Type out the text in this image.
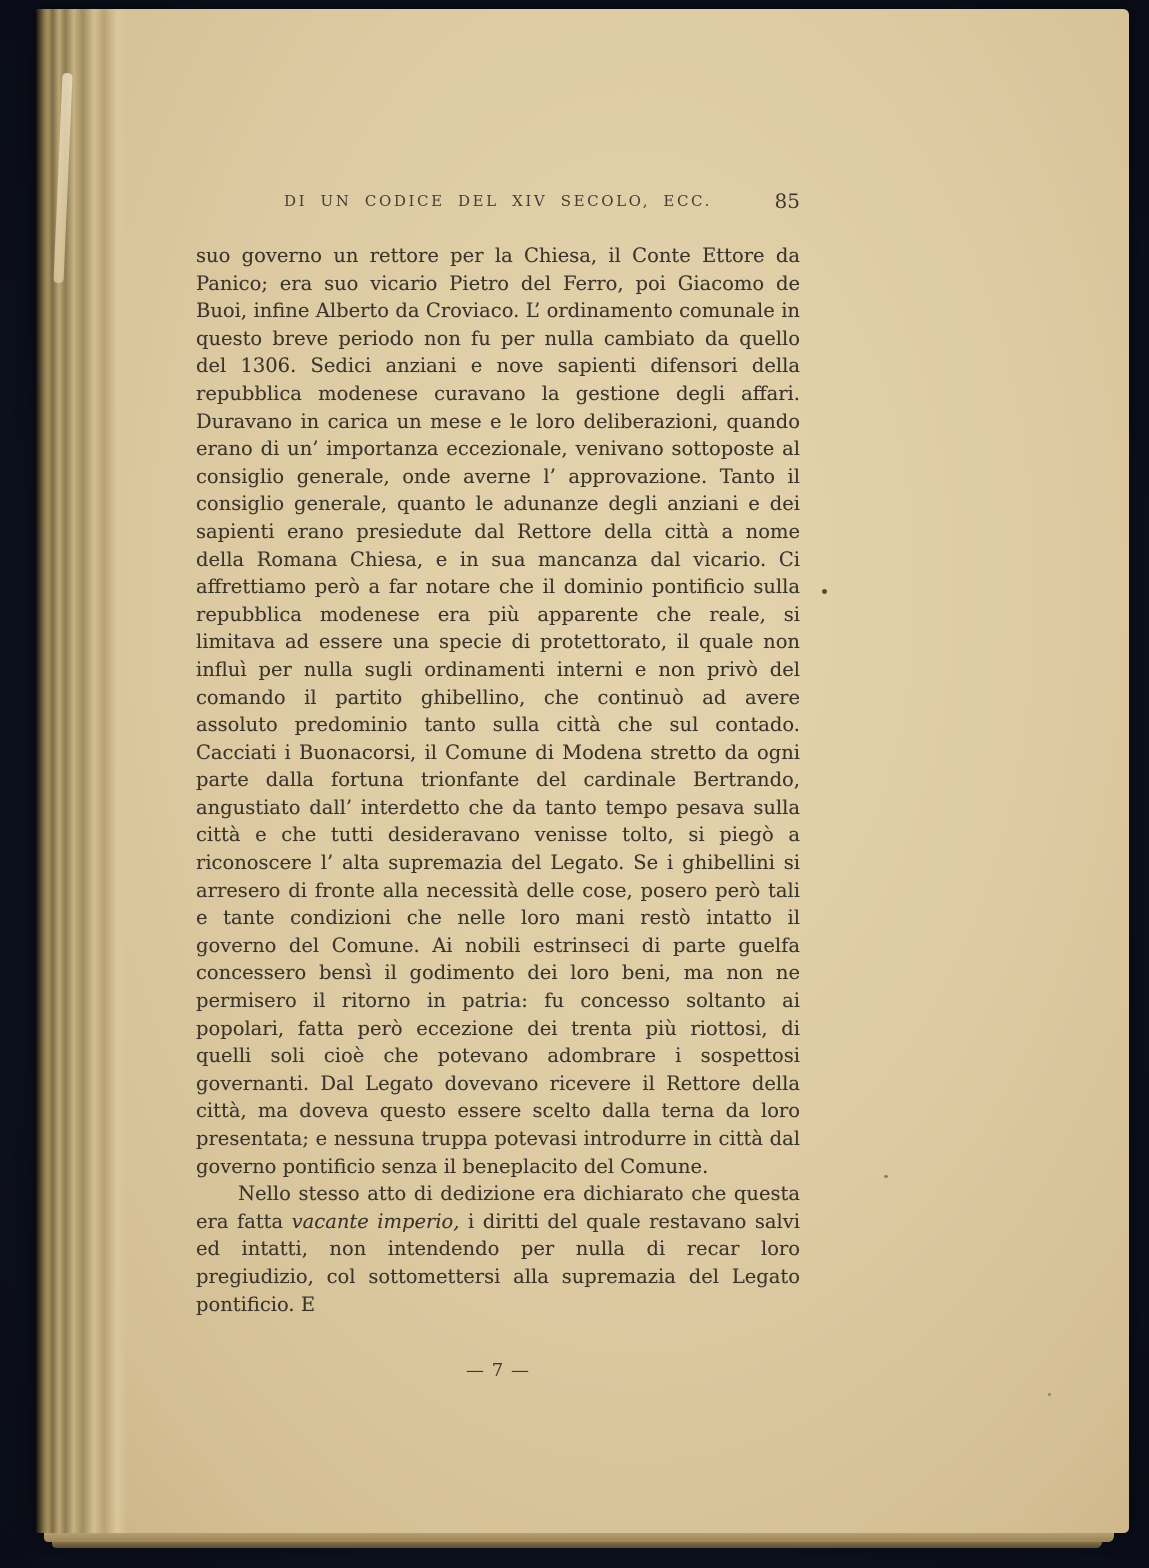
DI UN CODICE DEL XIV SECOLO, ECC.	85

suo governo un rettore per la Chiesa, il Conte Ettore da Panico; era suo vicario Pietro del Ferro, poi Giacomo de Buoi, infine Alberto da Croviaco. L’ ordinamento comunale in questo breve periodo non fu per nulla cambiato da quello del 1306. Sedici anziani e nove sapienti difensori della repubblica modenese curavano la gestione degli affari. Duravano in carica un mese e le loro deliberazioni, quando erano di un’ importanza eccezionale, venivano sottoposte al consiglio generale, onde averne l’ approvazione. Tanto il consiglio generale, quanto le adunanze degli anziani e dei sapienti erano presiedute dal Rettore della città a nome della Romana Chiesa, e in sua mancanza dal vicario. Ci affrettiamo però a far notare che il dominio pontificio sulla repubblica modenese era più apparente che reale, si limitava ad essere una specie di protettorato, il quale non influì per nulla sugli ordinamenti interni e non privò del comando il partito ghibellino, che continuò ad avere assoluto predominio tanto sulla città che sul contado. Cacciati i Buonacorsi, il Comune di Modena stretto da ogni parte dalla fortuna trionfante del cardinale Bertrando, angustiato dall’ interdetto che da tanto tempo pesava sulla città e che tutti desideravano venisse tolto, si piegò a riconoscere l’ alta supremazia del Legato. Se i ghibellini si arresero di fronte alla necessità delle cose, posero però tali e tante condizioni che nelle loro mani restò intatto il governo del Comune. Ai nobili estrinseci di parte guelfa concessero bensì il godimento dei loro beni, ma non ne permisero il ritorno in patria: fu concesso soltanto ai popolari, fatta però eccezione dei trenta più riottosi, di quelli soli cioè che potevano adombrare i sospettosi governanti. Dal Legato dovevano ricevere il Rettore della città, ma doveva questo essere scelto dalla terna da loro presentata; e nessuna truppa potevasi introdurre in città dal governo pontificio senza il beneplacito del Comune.

Nello stesso atto di dedizione era dichiarato che questa era fatta vacante imperio, i diritti del quale restavano salvi ed intatti, non intendendo per nulla di recar loro pregiudizio, col sottomettersi alla supremazia del Legato pontificio. E

— 7 —
